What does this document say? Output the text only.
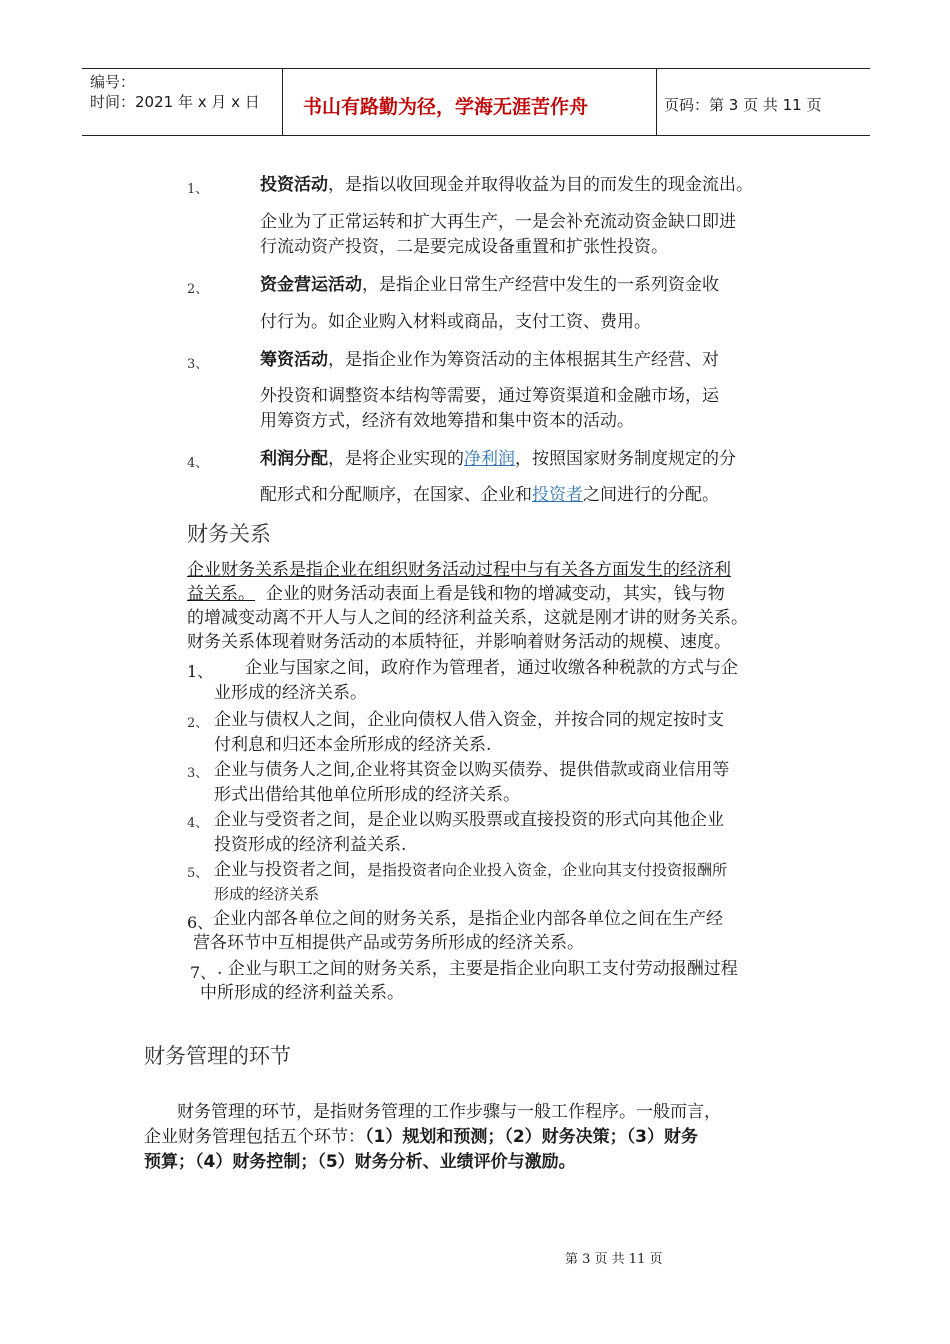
编号：
时间：2021 年 x 月 x 日 书山有路勤为径，学海无涯苦作舟	页码：第 3 页 共 11 页
1、	投资活动，是指以收回现金并取得收益为目的而发生的现金流出。
企业为了正常运转和扩大再生产，一是会补充流动资金缺口即进
行流动资产投资，二是要完成设备重置和扩张性投资。
2、	资金营运活动，是指企业日常生产经营中发生的一系列资金收
付行为。如企业购入材料或商品，支付工资、费用。
3、	筹资活动，是指企业作为筹资活动的主体根据其生产经营、对
外投资和调整资本结构等需要，通过筹资渠道和金融市场，运
用筹资方式，经济有效地筹措和集中资本的活动。
4、	利润分配，是将企业实现的净利润，按照国家财务制度规定的分
配形式和分配顺序，在国家、企业和投资者之间进行的分配。
财务关系
企业财务关系是指企业在组织财务活动过程中与有关各方面发生的经济利
益关系。 企业的财务活动表面上看是钱和物的增减变动，其实，钱与物
的增减变动离不开人与人之间的经济利益关系，这就是刚才讲的财务关系。
财务关系体现着财务活动的本质特征，并影响着财务活动的规模、速度。
1、 企业与国家之间，政府作为管理者，通过收缴各种税款的方式与企
业形成的经济关系。
2、 企业与债权人之间，企业向债权人借入资金，并按合同的规定按时支
付利息和归还本金所形成的经济关系.
3、 企业与债务人之间,企业将其资金以购买债券、提供借款或商业信用等
形式出借给其他单位所形成的经济关系。
4、 企业与受资者之间，是企业以购买股票或直接投资的形式向其他企业
投资形成的经济利益关系.
5、 企业与投资者之间，是指投资者向企业投入资金，企业向其支付投资报酬所
形成的经济关系
6、 企业内部各单位之间的财务关系，是指企业内部各单位之间在生产经
营各环节中互相提供产品或劳务所形成的经济关系。
7、 . 企业与职工之间的财务关系，主要是指企业向职工支付劳动报酬过程
中所形成的经济利益关系。
财务管理的环节
财务管理的环节，是指财务管理的工作步骤与一般工作程序。一般而言，
企业财务管理包括五个环节：（1）规划和预测；（2）财务决策；（3）财务
预算；（4）财务控制；（5）财务分析、业绩评价与激励。
第 3 页 共 11 页
